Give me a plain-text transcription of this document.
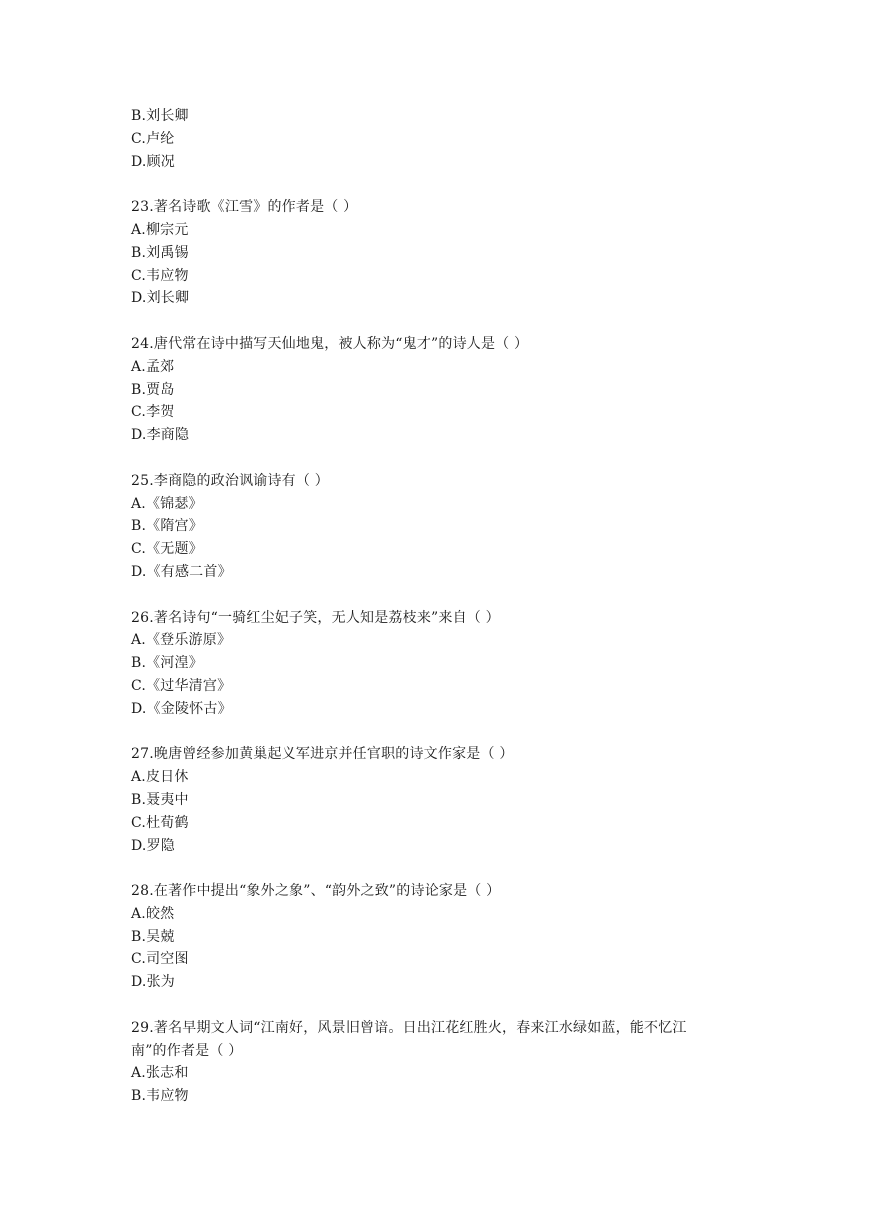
B.刘长卿
C.卢纶
D.顾况
23.著名诗歌《江雪》的作者是（ ）
A.柳宗元
B.刘禹锡
C.韦应物
D.刘长卿
24.唐代常在诗中描写天仙地鬼，被人称为“鬼才”的诗人是（ ）
A.孟郊
B.贾岛
C.李贺
D.李商隐
25.李商隐的政治讽谕诗有（ ）
A.《锦瑟》
B.《隋宫》
C.《无题》
D.《有感二首》
26.著名诗句“一骑红尘妃子笑，无人知是荔枝来”来自（ ）
A.《登乐游原》
B.《河湟》
C.《过华清宫》
D.《金陵怀古》
27.晚唐曾经参加黄巢起义军进京并任官职的诗文作家是（ ）
A.皮日休
B.聂夷中
C.杜荀鹤
D.罗隐
28.在著作中提出“象外之象”、“韵外之致”的诗论家是（ ）
A.皎然
B.吴兢
C.司空图
D.张为
29.著名早期文人词“江南好，风景旧曾谙。日出江花红胜火，春来江水绿如蓝，能不忆江
南”的作者是（ ）
A.张志和
B.韦应物
